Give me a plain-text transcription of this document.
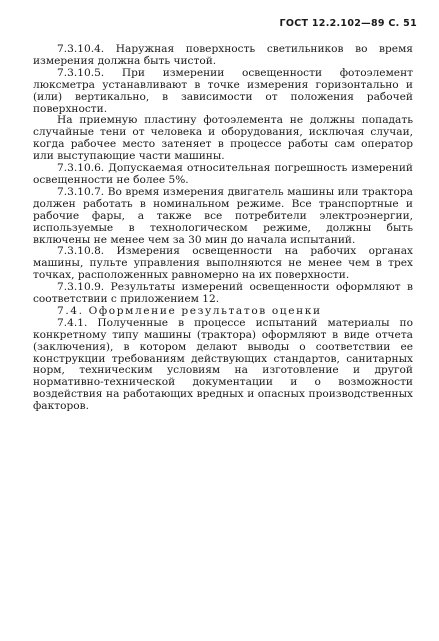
ГОСТ 12.2.102—89 С. 51

7.3.10.4. Наружная поверхность светильников во время измерения должна быть чистой.

7.3.10.5. При измерении освещенности фотоэлемент люксметра устанавливают в точке измерения горизонтально и (или) вертикально, в зависимости от положения рабочей поверхности.

На приемную пластину фотоэлемента не должны попадать случайные тени от человека и оборудования, исключая случаи, когда рабочее место затеняет в процессе работы сам оператор или выступающие части машины.

7.3.10.6. Допускаемая относительная погрешность измерений освещенности не более 5%.

7.3.10.7. Во время измерения двигатель машины или трактора должен работать в номинальном режиме. Все транспортные и рабочие фары, а также все потребители электроэнергии, используемые в технологическом режиме, должны быть включены не менее чем за 30 мин до начала испытаний.

7.3.10.8. Измерения освещенности на рабочих органах машины, пульте управления выполняются не менее чем в трех точках, расположенных равномерно на их поверхности.

7.3.10.9. Результаты измерений освещенности оформляют в соответствии с приложением 12.

7.4. Оформление результатов оценки

7.4.1. Полученные в процессе испытаний материалы по конкретному типу машины (трактора) оформляют в виде отчета (заключения), в котором делают выводы о соответствии ее конструкции требованиям действующих стандартов, санитарных норм, техническим условиям на изготовление и другой нормативно-технической документации и о возможности воздействия на работающих вредных и опасных производственных факторов.
